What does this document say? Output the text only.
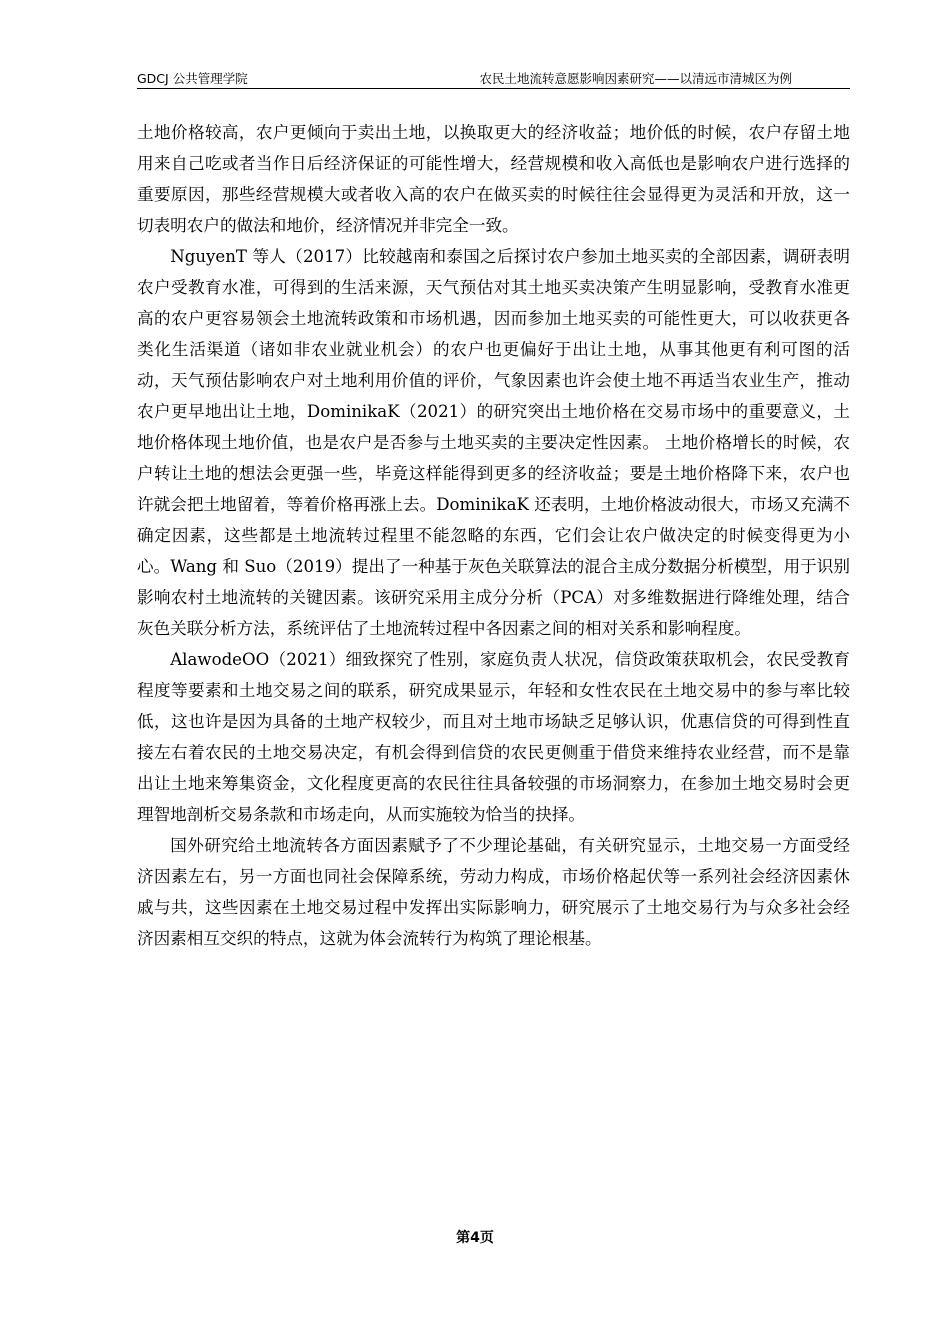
GDCJ 公共管理学院	农民土地流转意愿影响因素研究——以清远市清城区为例

土地价格较高，农户更倾向于卖出土地，以换取更大的经济收益；地价低的时候，农户存留土地用来自己吃或者当作日后经济保证的可能性增大，经营规模和收入高低也是影响农户进行选择的重要原因，那些经营规模大或者收入高的农户在做买卖的时候往往会显得更为灵活和开放，这一切表明农户的做法和地价，经济情况并非完全一致。

NguyenT 等人（2017）比较越南和泰国之后探讨农户参加土地买卖的全部因素，调研表明农户受教育水准，可得到的生活来源，天气预估对其土地买卖决策产生明显影响，受教育水准更高的农户更容易领会土地流转政策和市场机遇，因而参加土地买卖的可能性更大，可以收获更各类化生活渠道（诸如非农业就业机会）的农户也更偏好于出让土地，从事其他更有利可图的活动，天气预估影响农户对土地利用价值的评价，气象因素也许会使土地不再适当农业生产，推动农户更早地出让土地，DominikaK（2021）的研究突出土地价格在交易市场中的重要意义，土地价格体现土地价值，也是农户是否参与土地买卖的主要决定性因素。 土地价格增长的时候，农户转让土地的想法会更强一些，毕竟这样能得到更多的经济收益；要是土地价格降下来，农户也许就会把土地留着，等着价格再涨上去。DominikaK 还表明，土地价格波动很大，市场又充满不确定因素，这些都是土地流转过程里不能忽略的东西，它们会让农户做决定的时候变得更为小心。Wang 和 Suo（2019）提出了一种基于灰色关联算法的混合主成分数据分析模型，用于识别影响农村土地流转的关键因素。该研究采用主成分分析（PCA）对多维数据进行降维处理，结合灰色关联分析方法，系统评估了土地流转过程中各因素之间的相对关系和影响程度。

AlawodeOO（2021）细致探究了性别，家庭负责人状况，信贷政策获取机会，农民受教育程度等要素和土地交易之间的联系，研究成果显示，年轻和女性农民在土地交易中的参与率比较低，这也许是因为具备的土地产权较少，而且对土地市场缺乏足够认识，优惠信贷的可得到性直接左右着农民的土地交易决定，有机会得到信贷的农民更侧重于借贷来维持农业经营，而不是靠出让土地来筹集资金，文化程度更高的农民往往具备较强的市场洞察力，在参加土地交易时会更理智地剖析交易条款和市场走向，从而实施较为恰当的抉择。

国外研究给土地流转各方面因素赋予了不少理论基础，有关研究显示，土地交易一方面受经济因素左右，另一方面也同社会保障系统，劳动力构成，市场价格起伏等一系列社会经济因素休戚与共，这些因素在土地交易过程中发挥出实际影响力，研究展示了土地交易行为与众多社会经济因素相互交织的特点，这就为体会流转行为构筑了理论根基。

第4页
